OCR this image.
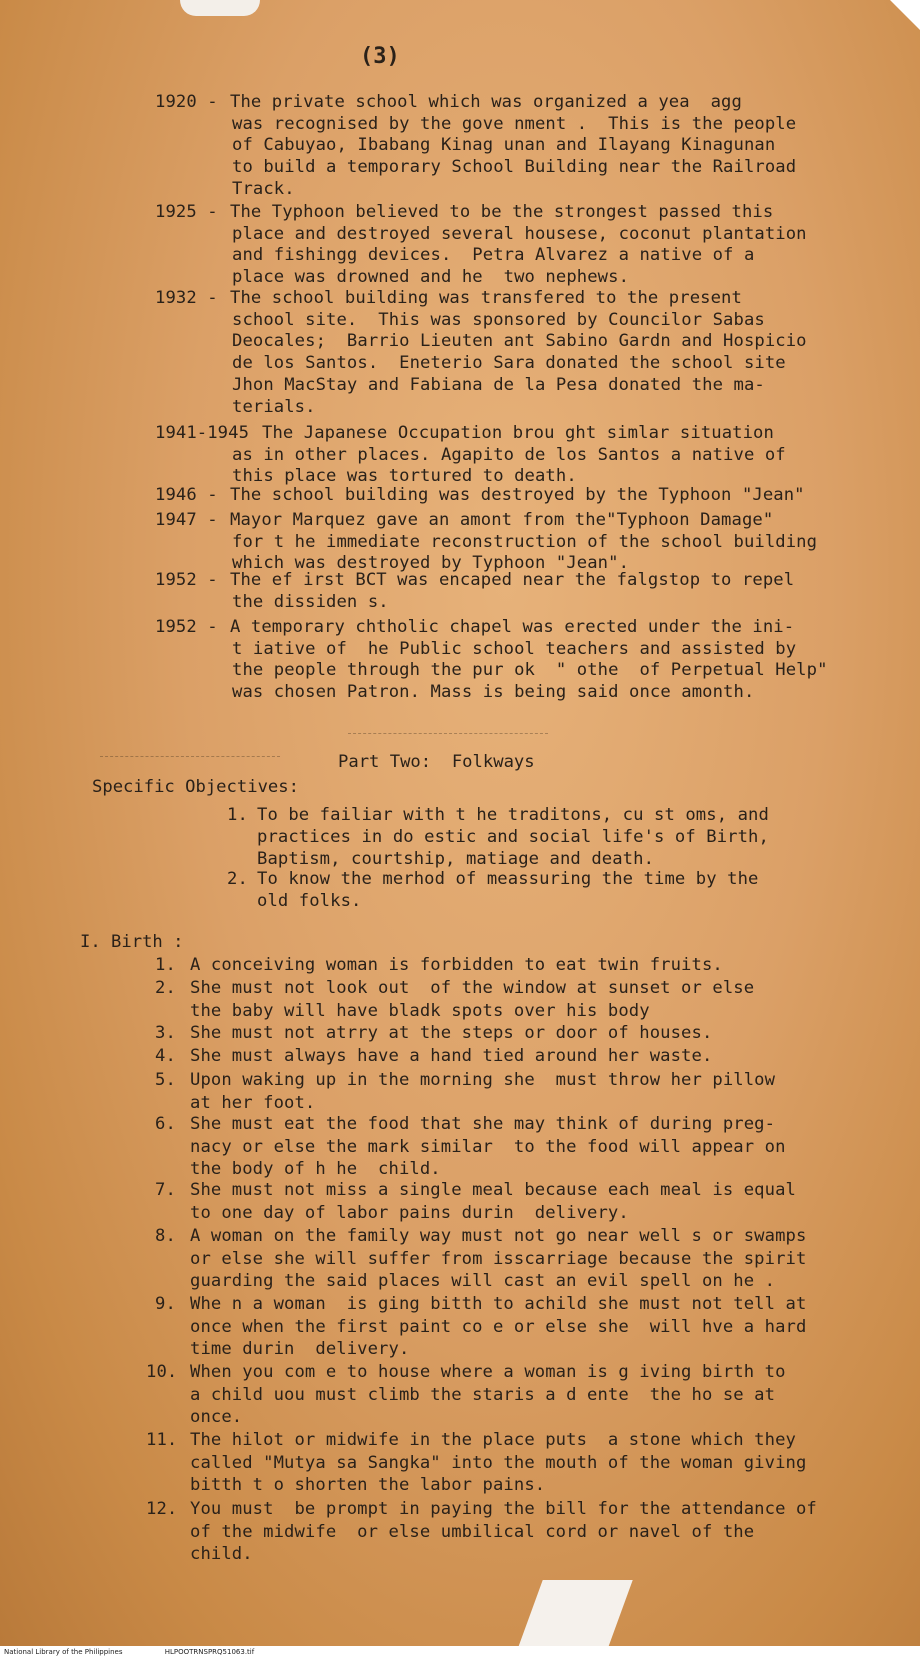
(3)
1920 - The private school which was organized a yea  agg
was recognised by the gove nment .  This is the people
of Cabuyao, Ibabang Kinag unan and Ilayang Kinagunan
to build a temporary School Building near the Railroad
Track.
1925 - The Typhoon believed to be the strongest passed this
place and destroyed several housese, coconut plantation
and fishingg devices.  Petra Alvarez a native of a
place was drowned and he  two nephews.
1932 - The school building was transfered to the present
school site.  This was sponsored by Councilor Sabas
Deocales;  Barrio Lieuten ant Sabino Gardn and Hospicio
de los Santos.  Eneterio Sara donated the school site
Jhon MacStay and Fabiana de la Pesa donated the ma-
terials.
1941-1945 The Japanese Occupation brou ght simlar situation
as in other places. Agapito de los Santos a native of
this place was tortured to death.
1946 - The school building was destroyed by the Typhoon "Jean"
1947 - Mayor Marquez gave an amont from the"Typhoon Damage"
for t he immediate reconstruction of the school building
which was destroyed by Typhoon "Jean".
1952 - The ef irst BCT was encaped near the falgstop to repel
the dissiden s.
1952 - A temporary chtholic chapel was erected under the ini-
t iative of  he Public school teachers and assisted by
the people through the pur ok  " othe  of Perpetual Help"
was chosen Patron. Mass is being said once amonth.
Part Two:  Folkways
Specific Objectives:
1. To be failiar with t he traditons, cu st oms, and
practices in do estic and social life's of Birth,
Baptism, courtship, matiage and death.
2. To know the merhod of meassuring the time by the
old folks.
I. Birth :
1. A conceiving woman is forbidden to eat twin fruits.
2. She must not look out  of the window at sunset or else
the baby will have bladk spots over his body
3. She must not atrry at the steps or door of houses.
4. She must always have a hand tied around her waste.
5. Upon waking up in the morning she  must throw her pillow
at her foot.
6. She must eat the food that she may think of during preg-
nacy or else the mark similar  to the food will appear on
the body of h he  child.
7. She must not miss a single meal because each meal is equal
to one day of labor pains durin  delivery.
8. A woman on the family way must not go near well s or swamps
or else she will suffer from isscarriage because the spirit
guarding the said places will cast an evil spell on he .
9. Whe n a woman  is ging bitth to achild she must not tell at
once when the first paint co e or else she  will hve a hard
time durin  delivery.
10. When you com e to house where a woman is g iving birth to
a child uou must climb the staris a d ente  the ho se at
once.
11. The hilot or midwife in the place puts  a stone which they
called "Mutya sa Sangka" into the mouth of the woman giving
bitth t o shorten the labor pains.
12. You must  be prompt in paying the bill for the attendance of
of the midwife  or else umbilical cord or navel of the
child.
National Library of the Philippines	HLPOOTRNSPRQ51063.tif
